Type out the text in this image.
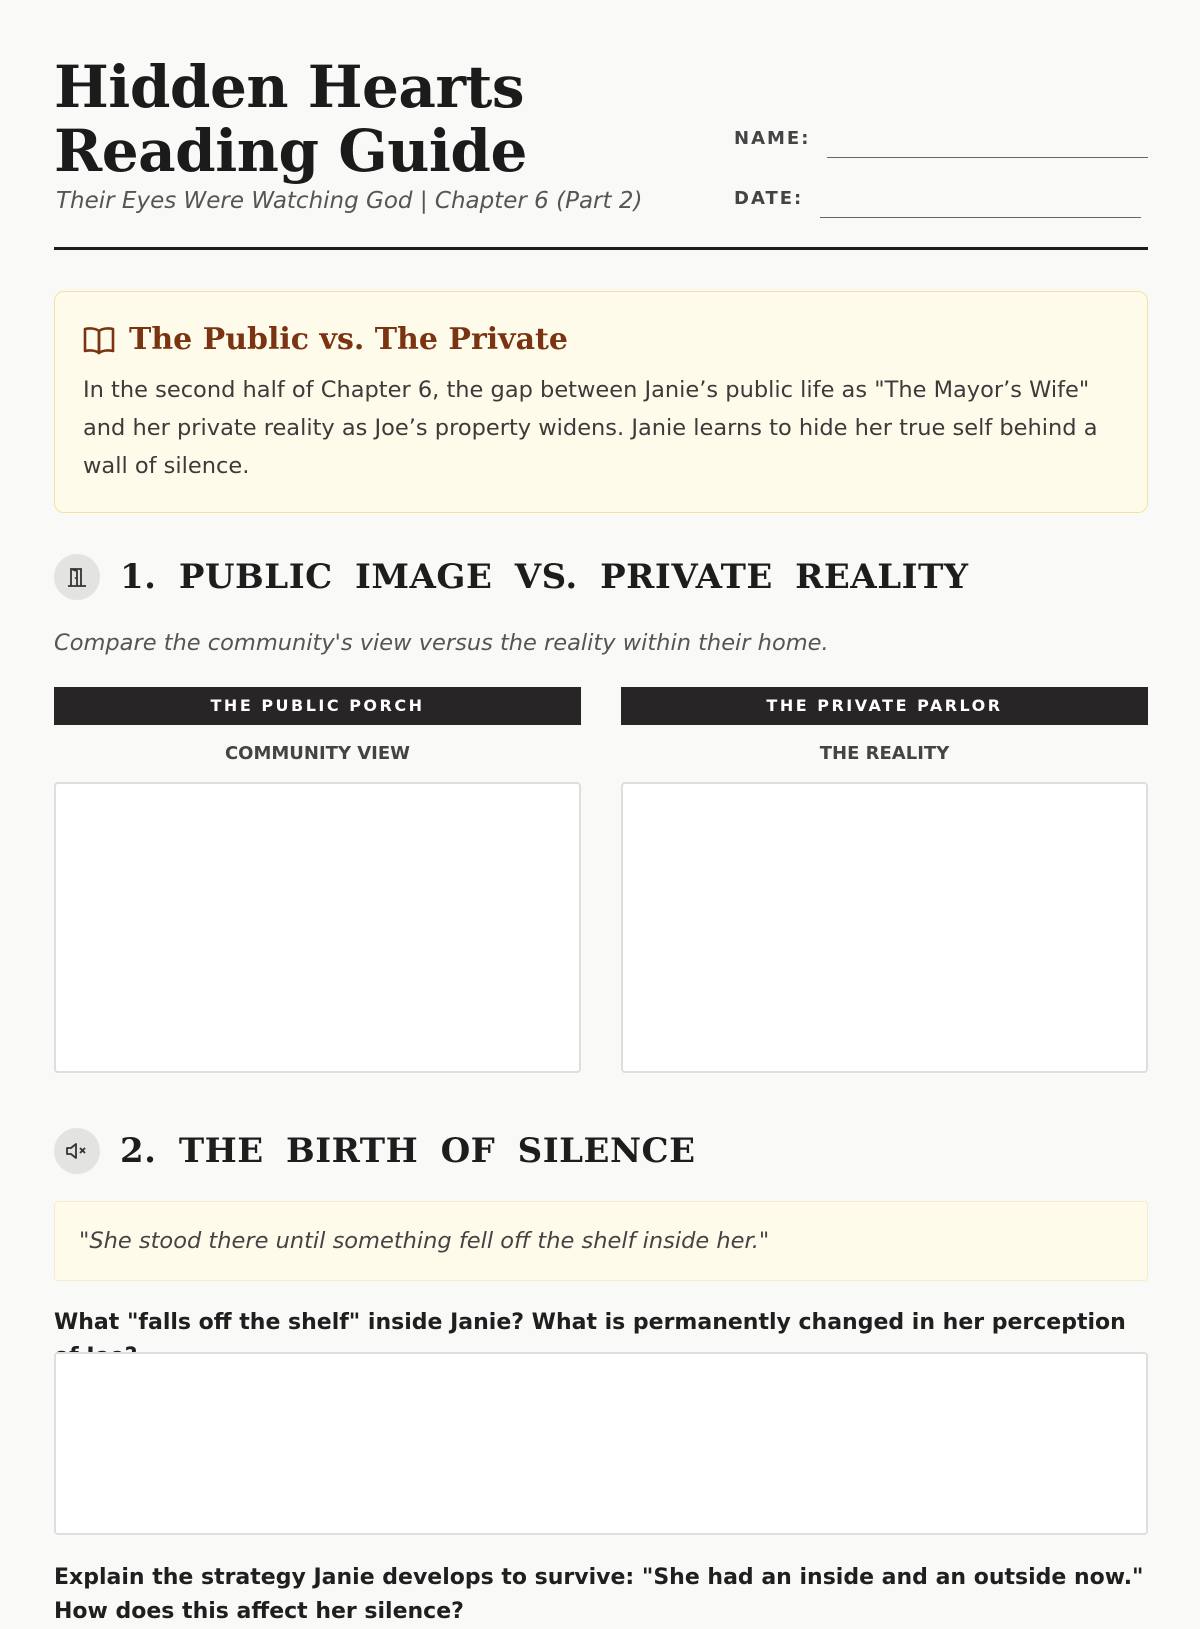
Hidden Hearts Reading Guide
Their Eyes Were Watching God | Chapter 6 (Part 2)
NAME:
DATE:
The Public vs. The Private

In the second half of Chapter 6, the gap between Janie’s public life as "The Mayor’s Wife" and her private reality as Joe’s property widens. Janie learns to hide her true self behind a wall of silence.

1. PUBLIC IMAGE VS. PRIVATE REALITY
Compare the community's view versus the reality within their home.
THE PUBLIC PORCH
COMMUNITY VIEW
THE PRIVATE PARLOR
THE REALITY
2. THE BIRTH OF SILENCE
"She stood there until something fell off the shelf inside her."
What "falls off the shelf" inside Janie? What is permanently changed in her perception
Explain the strategy Janie develops to survive: "She had an inside and an outside now." How does this affect her silence?
